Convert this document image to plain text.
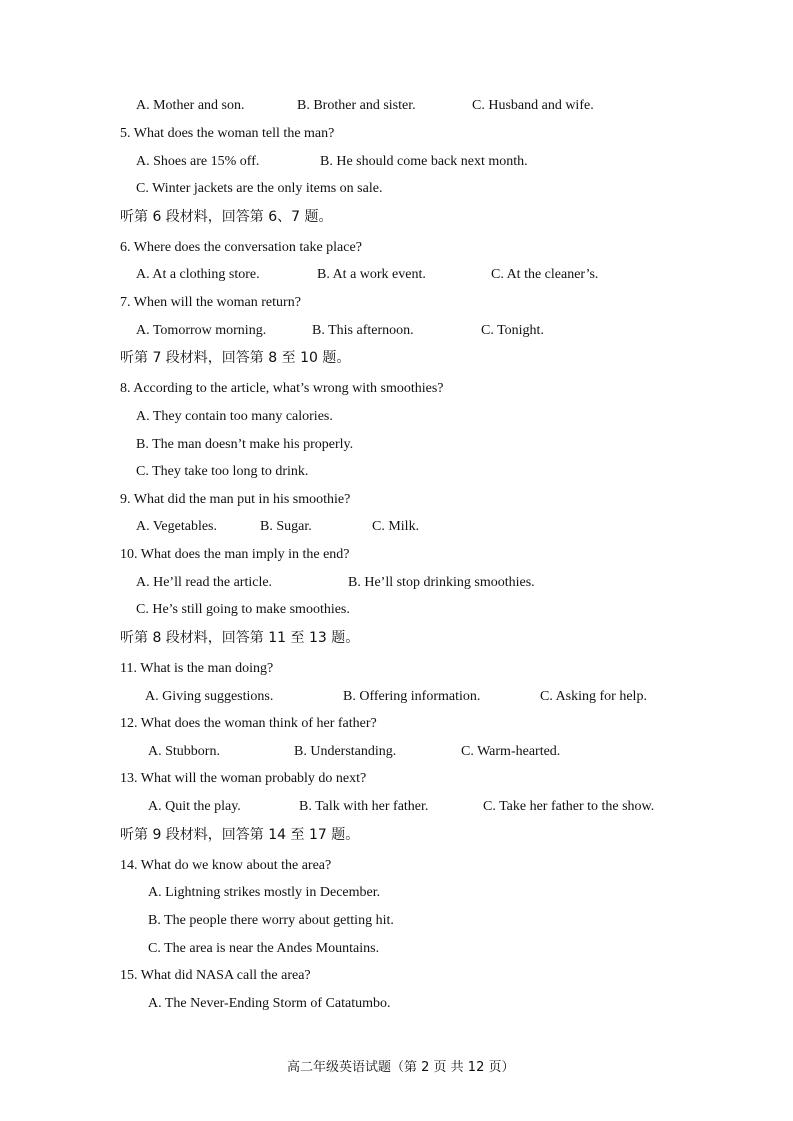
A. Mother and son.	B. Brother and sister.	C. Husband and wife.
5. What does the woman tell the man?
A. Shoes are 15% off.	B. He should come back next month.
C. Winter jackets are the only items on sale.
听第 6 段材料，回答第 6、7 题。
6. Where does the conversation take place?
A. At a clothing store.	B. At a work event.	C. At the cleaner’s.
7. When will the woman return?
A. Tomorrow morning.	B. This afternoon.	C. Tonight.
听第 7 段材料，回答第 8 至 10 题。
8. According to the article, what’s wrong with smoothies?
A. They contain too many calories.
B. The man doesn’t make his properly.
C. They take too long to drink.
9. What did the man put in his smoothie?
A. Vegetables.	B. Sugar.	C. Milk.
10. What does the man imply in the end?
A. He’ll read the article.	B. He’ll stop drinking smoothies.
C. He’s still going to make smoothies.
听第 8 段材料，回答第 11 至 13 题。
11. What is the man doing?
A. Giving suggestions.	B. Offering information.	C. Asking for help.
12. What does the woman think of her father?
A. Stubborn.	B. Understanding.	C. Warm-hearted.
13. What will the woman probably do next?
A. Quit the play.	B. Talk with her father.	C. Take her father to the show.
听第 9 段材料，回答第 14 至 17 题。
14. What do we know about the area?
A. Lightning strikes mostly in December.
B. The people there worry about getting hit.
C. The area is near the Andes Mountains.
15. What did NASA call the area?
A. The Never-Ending Storm of Catatumbo.
高二年级英语试题（第 2 页 共 12 页）
